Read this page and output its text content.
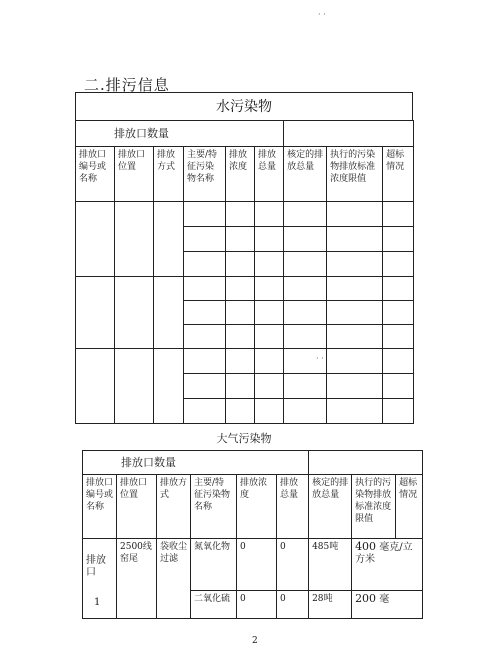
· ·
二.排污信息
水污染物
排放口数量								
排放口编号或名称	排放口位置	排放方式	主要/特征污染物名称	排放浓度	排放总量	核定的排放总量	执行的污染物排放标准浓度限值	超标情况

· ·
大气污染物
排放口数量								
排放口编号或名称	排放口位置	排放方式	主要/特征污染物名称	排放浓度	排放总量	核定的排放总量	执行的污染物排放标准浓度限值	超标情况

排放口
1	2500线窑尾	袋收尘过滤	氮氧化物	0	0	485吨	400 毫克/立方米	
			二氧化硫	0	0	28吨	200 毫	
2
